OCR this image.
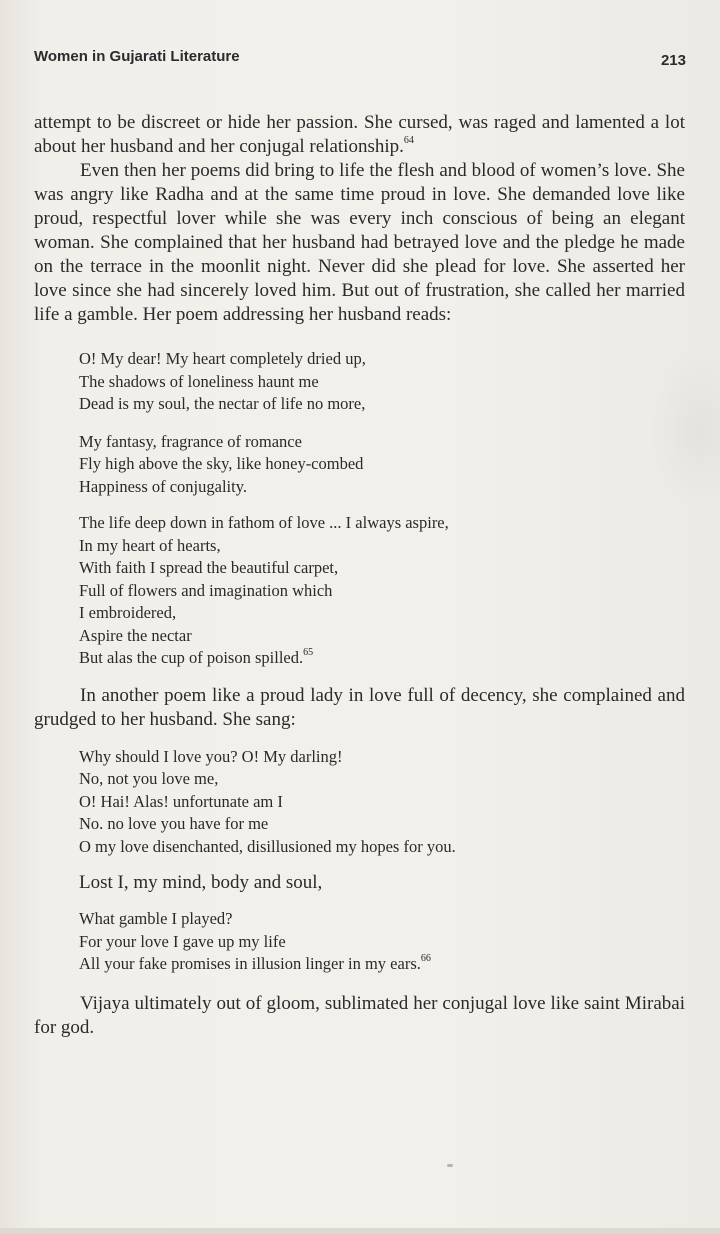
Women in Gujarati Literature	213

attempt to be discreet or hide her passion. She cursed, was raged and lamented a lot about her husband and her conjugal relationship.$^{64}$

Even then her poems did bring to life the flesh and blood of women’s love. She was angry like Radha and at the same time proud in love. She demanded love like proud, respectful lover while she was every inch conscious of being an elegant woman. She complained that her husband had betrayed love and the pledge he made on the terrace in the moonlit night. Never did she plead for love. She asserted her love since she had sincerely loved him. But out of frustration, she called her married life a gamble. Her poem addressing her husband reads:

O! My dear! My heart completely dried up,
The shadows of loneliness haunt me
Dead is my soul, the nectar of life no more,
My fantasy, fragrance of romance
Fly high above the sky, like honey-combed
Happiness of conjugality.
The life deep down in fathom of love ... I always aspire,
In my heart of hearts,
With faith I spread the beautiful carpet,
Full of flowers and imagination which
I embroidered,
Aspire the nectar
But alas the cup of poison spilled.$^{65}$

In another poem like a proud lady in love full of decency, she complained and grudged to her husband. She sang:

Why should I love you? O! My darling!
No, not you love me,
O! Hai! Alas! unfortunate am I
No. no love you have for me
O my love disenchanted, disillusioned my hopes for you.
Lost I, my mind, body and soul,
What gamble I played?
For your love I gave up my life
All your fake promises in illusion linger in my ears.$^{66}$

Vijaya ultimately out of gloom, sublimated her conjugal love like saint Mirabai for god.
